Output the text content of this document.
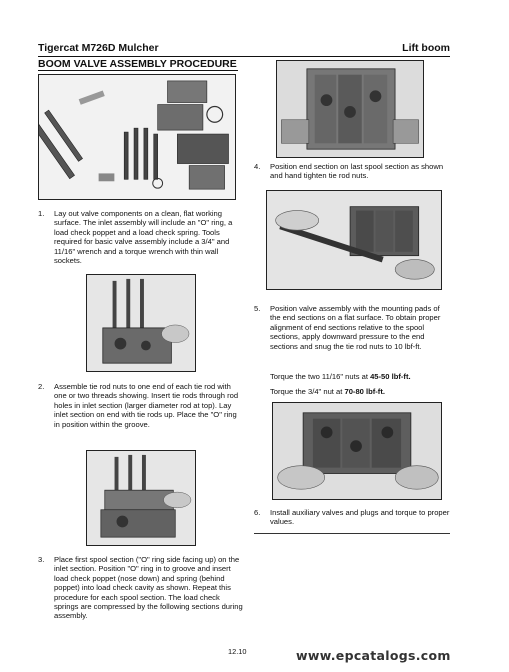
Tigercat M726D Mulcher	Lift boom
BOOM VALVE ASSEMBLY PROCEDURE
4. Position end section on last spool section as shown and hand tighten tie rod nuts.
1. Lay out valve components on a clean, flat working surface. The inlet assembly will include an "O" ring, a load check poppet and a load check spring. Tools required for basic valve assembly include a 3/4" and 11/16" wrench and a torque wrench with thin wall sockets.
5. Position valve assembly with the mounting pads of the end sections on a flat surface. To obtain proper alignment of end sections relative to the spool sections, apply downward pressure to the end sections and snug the tie rod nuts to 10 lbf-ft.
Torque the two 11/16" nuts at 45-50 lbf-ft.
Torque the 3/4" nut at 70-80 lbf-ft.
2. Assemble tie rod nuts to one end of each tie rod with one or two threads showing. Insert tie rods through rod holes in inlet section (larger diameter rod at top). Lay inlet section on end with tie rods up. Place the "O" ring in position within the groove.
6. Install auxiliary valves and plugs and torque to proper values.
3. Place first spool section ("O" ring side facing up) on the inlet section. Position "O" ring in to groove and insert load check poppet (nose down) and spring (behind poppet) into load check cavity as shown. Repeat this procedure for each spool section. The load check springs are compressed by the following sections during assembly.
12.10	www.epcatalogs.com
